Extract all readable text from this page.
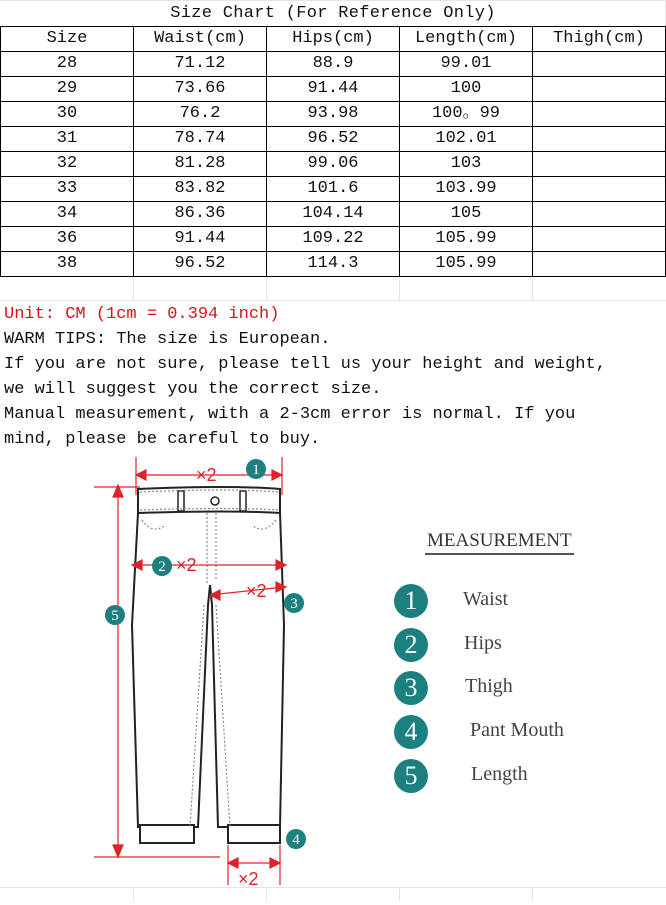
Size Chart (For Reference Only)
Size	Waist(cm)	Hips(cm)	Length(cm)	Thigh(cm)
28	71.12	88.9	99.01	
29	73.66	91.44	100	
30	76.2	93.98	100。99	
31	78.74	96.52	102.01	
32	81.28	99.06	103	
33	83.82	101.6	103.99	
34	86.36	104.14	105	
36	91.44	109.22	105.99	
38	96.52	114.3	105.99	
Unit: CM (1cm = 0.394 inch)
WARM TIPS: The size is European.
If you are not sure, please tell us your height and weight,
we will suggest you the correct size.
Manual measurement, with a 2-3cm error is normal. If you
mind, please be careful to buy.
×2
×2
×2
×2
1
2
3
4
5
MEASUREMENT
1	Waist
2	Hips
3	Thigh
4	Pant Mouth
5	Length
